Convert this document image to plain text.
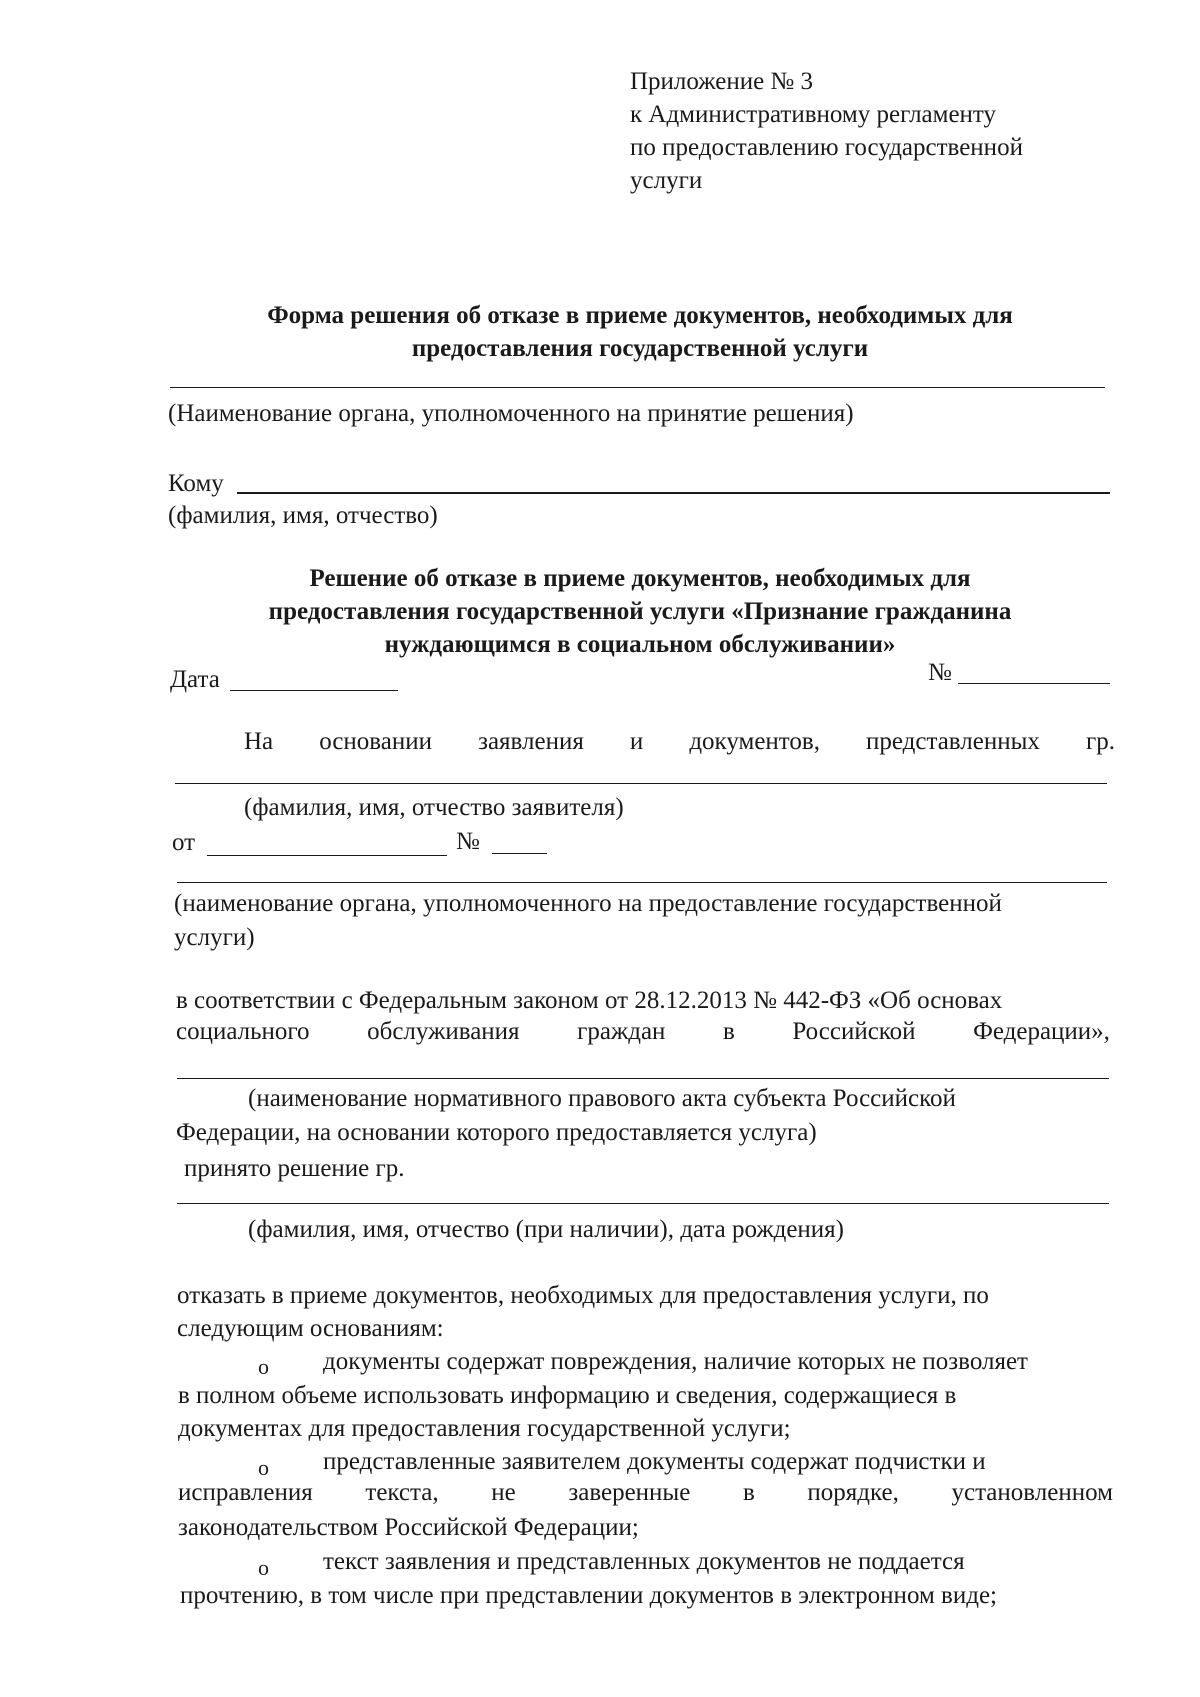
Приложение № 3
к Административному регламенту
по предоставлению государственной
услуги
Форма решения об отказе в приеме документов, необходимых для
предоставления государственной услуги
(Наименование органа, уполномоченного на принятие решения)
Кому
(фамилия, имя, отчество)
Решение об отказе в приеме документов, необходимых для
предоставления государственной услуги «Признание гражданина
нуждающимся в социальном обслуживании»
Дата	№
На основании заявления и документов, представленных гр.
(фамилия, имя, отчество заявителя)
от	№
(наименование органа, уполномоченного на предоставление государственной
услуги)
в соответствии с Федеральным законом от 28.12.2013 № 442-ФЗ «Об основах
социального обслуживания граждан в Российской Федерации»,
(наименование нормативного правового акта субъекта Российской
Федерации, на основании которого предоставляется услуга)
принято решение гр.
(фамилия, имя, отчество (при наличии), дата рождения)
отказать в приеме документов, необходимых для предоставления услуги, по
следующим основаниям:
o документы содержат повреждения, наличие которых не позволяет
в полном объеме использовать информацию и сведения, содержащиеся в
документах для предоставления государственной услуги;
o представленные заявителем документы содержат подчистки и
исправления текста, не заверенные в порядке, установленном
законодательством Российской Федерации;
o текст заявления и представленных документов не поддается
прочтению, в том числе при представлении документов в электронном виде;
